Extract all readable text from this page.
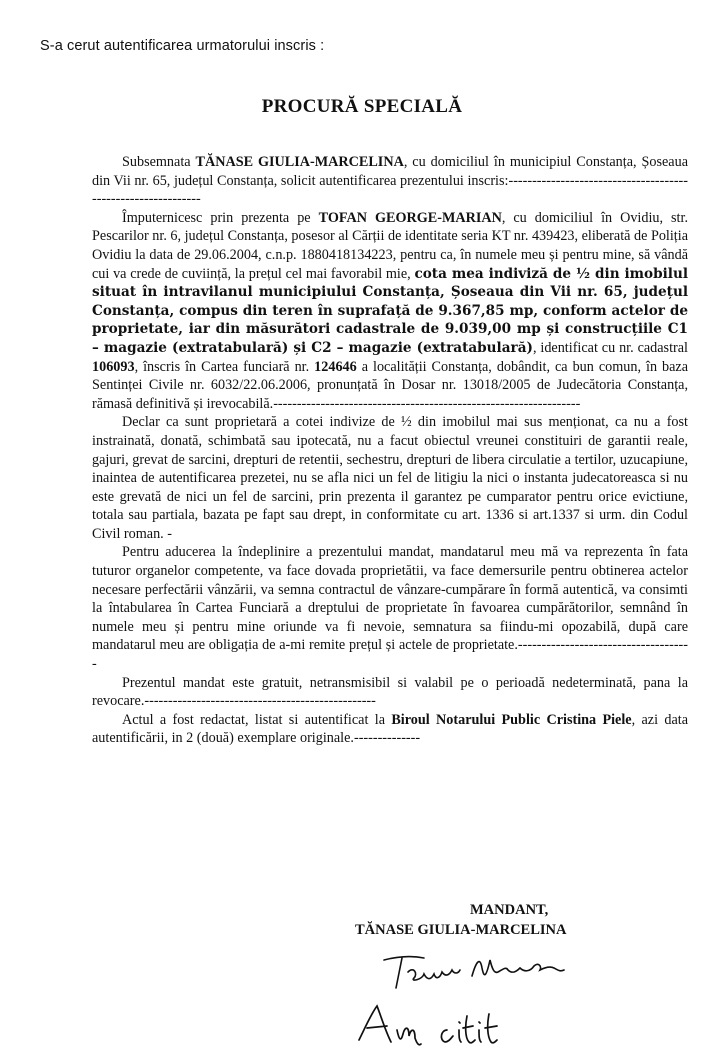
S-a cerut autentificarea urmatorului inscris :
PROCURĂ SPECIALĂ

Subsemnata TĂNASE GIULIA-MARCELINA, cu domiciliul în municipiul Constanța, Șoseaua din Vii nr. 65, județul Constanța, solicit autentificarea prezentului inscris:-------------------------------------------------------------

Împuternicesc prin prezenta pe TOFAN GEORGE-MARIAN, cu domiciliul în Ovidiu, str. Pescarilor nr. 6, județul Constanța, posesor al Cărții de identitate seria KT nr. 439423, eliberată de Poliția Ovidiu la data de 29.06.2004, c.n.p. 1880418134223, pentru ca, în numele meu și pentru mine, să vândă cui va crede de cuviință, la prețul cel mai favorabil mie, cota mea indiviză de ½ din imobilul situat în intravilanul municipiului Constanța, Șoseaua din Vii nr. 65, județul Constanța, compus din teren în suprafață de 9.367,85 mp, conform actelor de proprietate, iar din măsurători cadastrale de 9.039,00 mp și construcțiile C1 – magazie (extratabulară) și C2 – magazie (extratabulară), identificat cu nr. cadastral 106093, înscris în Cartea funciară nr. 124646 a localității Constanța, dobândit, ca bun comun, în baza Sentinței Civile nr. 6032/22.06.2006, pronunțată în Dosar nr. 13018/2005 de Judecătoria Constanța, rămasă definitivă și irevocabilă.-----------------------------------------------------------------

Declar ca sunt proprietară a cotei indivize de ½ din imobilul mai sus menționat, ca nu a fost instrainată, donată, schimbată sau ipotecată, nu a facut obiectul vreunei constituiri de garantii reale, gajuri, grevat de sarcini, drepturi de retentii, sechestru, drepturi de libera circulatie a tertilor, uzucapiune, inaintea de autentificarea prezetei, nu se afla nici un fel de litigiu la nici o instanta judecatoreasca si nu este grevată de nici un fel de sarcini, prin prezenta il garantez pe cumparator pentru orice evictiune, totala sau partiala, bazata pe fapt sau drept, in conformitate cu art. 1336 si art.1337 si urm. din Codul Civil roman. -

Pentru aducerea la îndeplinire a prezentului mandat, mandatarul meu mă va reprezenta în fata tuturor organelor competente, va face dovada proprietătii, va face demersurile pentru obtinerea actelor necesare perfectării vânzării, va semna contractul de vânzare-cumpărare în formă autentică, va consimti la întabularea în Cartea Funciară a dreptului de proprietate în favoarea cumpărătorilor, semnând în numele meu și pentru mine oriunde va fi nevoie, semnatura sa fiindu-mi opozabilă, după care mandatarul meu are obligația de a-mi remite prețul și actele de proprietate.-------------------------------------

Prezentul mandat este gratuit, netransmisibil si valabil pe o perioadă nedeterminată, pana la revocare.-------------------------------------------------

Actul a fost redactat, listat si autentificat la Biroul Notarului Public Cristina Piele, azi data autentificării, in 2 (două) exemplare originale.--------------

MANDANT,
TĂNASE GIULIA-MARCELINA
